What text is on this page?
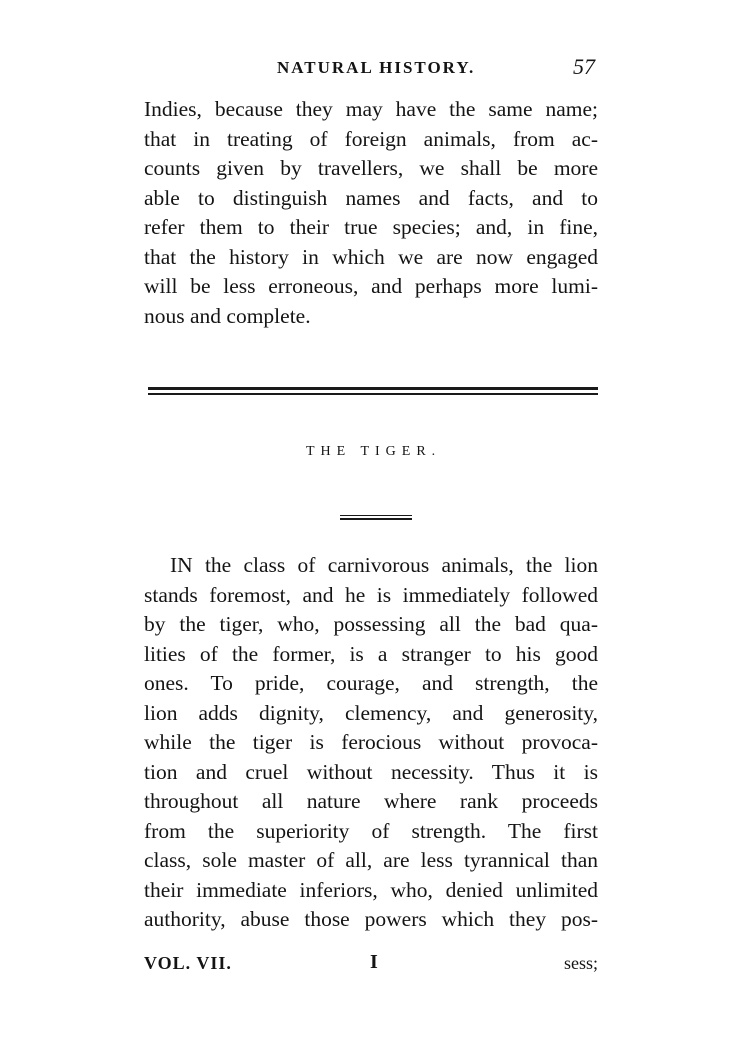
NATURAL HISTORY.	57
Indies, because they may have the same name;
that in treating of foreign animals, from ac-
counts given by travellers, we shall be more
able to distinguish names and facts, and to
refer them to their true species; and, in fine,
that the history in which we are now engaged
will be less erroneous, and perhaps more lumi-
nous and complete.
THE TIGER.
IN the class of carnivorous animals, the lion
stands foremost, and he is immediately followed
by the tiger, who, possessing all the bad qua-
lities of the former, is a stranger to his good
ones. To pride, courage, and strength, the
lion adds dignity, clemency, and generosity,
while the tiger is ferocious without provoca-
tion and cruel without necessity. Thus it is
throughout all nature where rank proceeds
from the superiority of strength. The first
class, sole master of all, are less tyrannical than
their immediate inferiors, who, denied unlimited
authority, abuse those powers which they pos-
VOL. VII.	I	sess;
